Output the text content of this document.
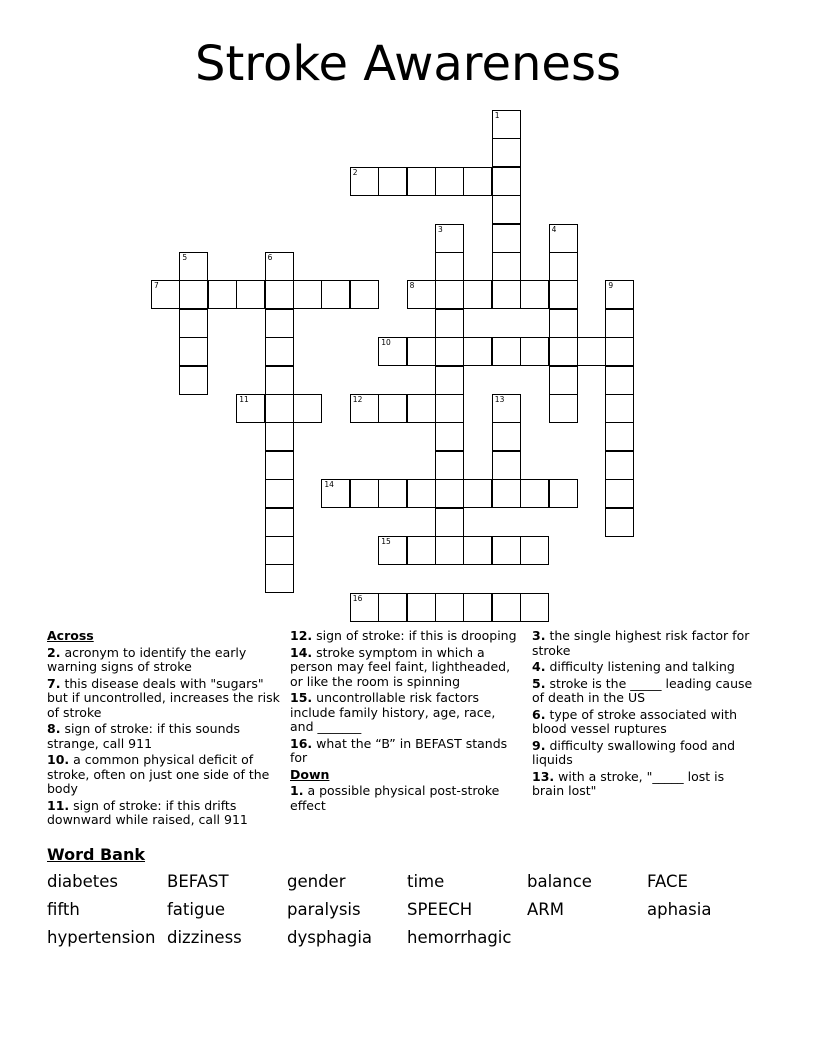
Stroke Awareness
1
2
3	4
5	6
7	8	9
10
11	12	13
14
15
16
Across
2. acronym to identify the early warning signs of stroke
7. this disease deals with "sugars" but if uncontrolled, increases the risk of stroke
8. sign of stroke: if this sounds strange, call 911
10. a common physical deficit of stroke, often on just one side of the body
11. sign of stroke: if this drifts downward while raised, call 911
12. sign of stroke: if this is drooping
14. stroke symptom in which a person may feel faint, lightheaded, or like the room is spinning
15. uncontrollable risk factors include family history, age, race, and _______
16. what the “B” in BEFAST stands for
Down
1. a possible physical post-stroke effect
3. the single highest risk factor for stroke
4. difficulty listening and talking
5. stroke is the _____ leading cause of death in the US
6. type of stroke associated with blood vessel ruptures
9. difficulty swallowing food and liquids
13. with a stroke, "_____ lost is brain lost"
Word Bank
diabetes	BEFAST	gender	time	balance	FACE
fifth	fatigue	paralysis	SPEECH	ARM	aphasia
hypertension dizziness	dysphagia	hemorrhagic
